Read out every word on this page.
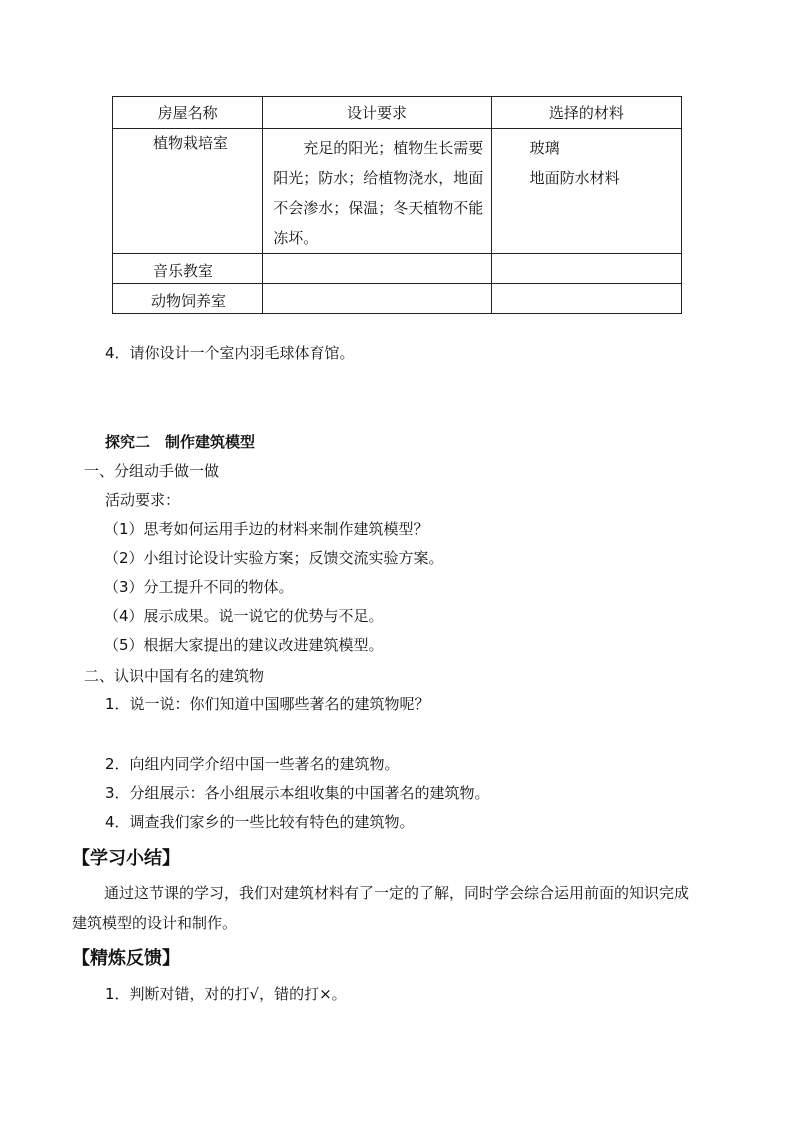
房屋名称	设计要求	选择的材料

植物栽培室	充足的阳光；植物生长需要阳光；防水；给植物浇水，地面不会渗水；保温；冬天植物不能冻坏。	玻璃
地面防水材料

音乐教室		

动物饲养室		

4．请你设计一个室内羽毛球体育馆。
探究二　制作建筑模型
一、分组动手做一做
活动要求：
（1）思考如何运用手边的材料来制作建筑模型？
（2）小组讨论设计实验方案；反馈交流实验方案。
（3）分工提升不同的物体。
（4）展示成果。说一说它的优势与不足。
（5）根据大家提出的建议改进建筑模型。
二、认识中国有名的建筑物
1．说一说：你们知道中国哪些著名的建筑物呢？
2．向组内同学介绍中国一些著名的建筑物。
3．分组展示：各小组展示本组收集的中国著名的建筑物。
4．调查我们家乡的一些比较有特色的建筑物。
【学习小结】
通过这节课的学习，我们对建筑材料有了一定的了解，同时学会综合运用前面的知识完成
建筑模型的设计和制作。
【精炼反馈】
1．判断对错，对的打√，错的打×。
